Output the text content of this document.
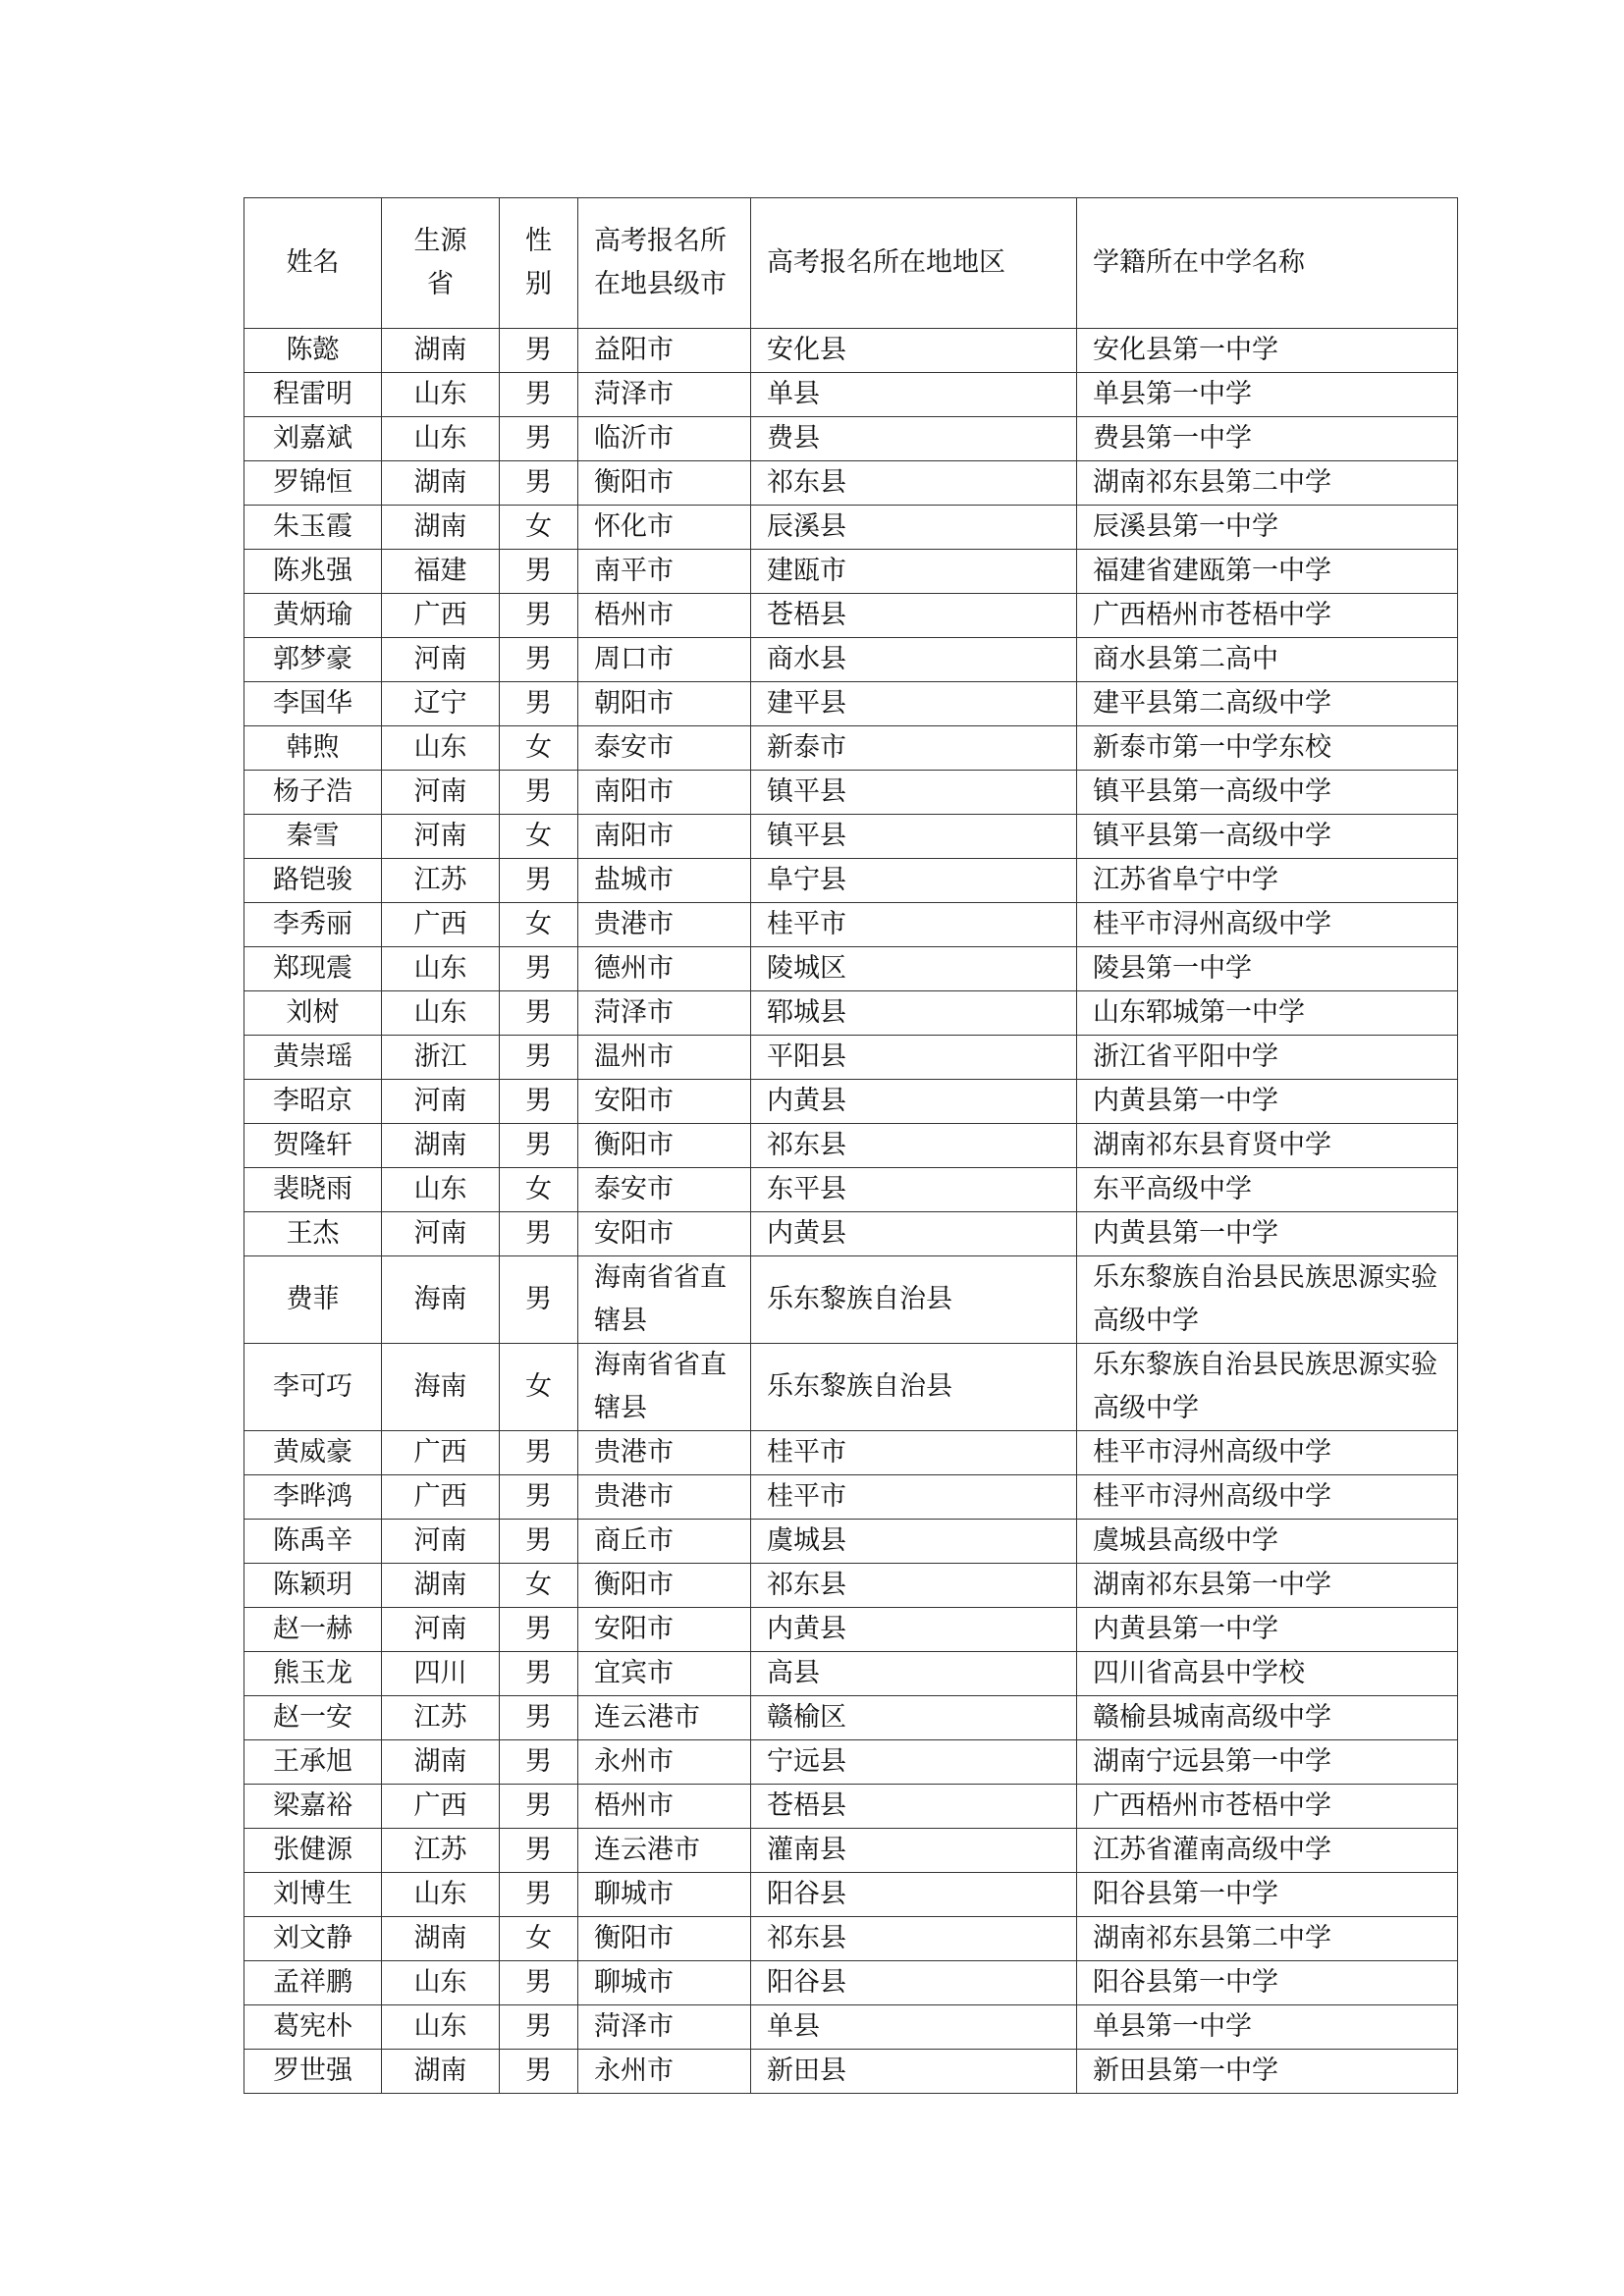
姓名	生源省	性别	高考报名所在地县级市	高考报名所在地地区	学籍所在中学名称
陈懿	湖南	男	益阳市	安化县	安化县第一中学
程雷明	山东	男	菏泽市	单县	单县第一中学
刘嘉斌	山东	男	临沂市	费县	费县第一中学
罗锦恒	湖南	男	衡阳市	祁东县	湖南祁东县第二中学
朱玉霞	湖南	女	怀化市	辰溪县	辰溪县第一中学
陈兆强	福建	男	南平市	建瓯市	福建省建瓯第一中学
黄炳瑜	广西	男	梧州市	苍梧县	广西梧州市苍梧中学
郭梦豪	河南	男	周口市	商水县	商水县第二高中
李国华	辽宁	男	朝阳市	建平县	建平县第二高级中学
韩煦	山东	女	泰安市	新泰市	新泰市第一中学东校
杨子浩	河南	男	南阳市	镇平县	镇平县第一高级中学
秦雪	河南	女	南阳市	镇平县	镇平县第一高级中学
路铠骏	江苏	男	盐城市	阜宁县	江苏省阜宁中学
李秀丽	广西	女	贵港市	桂平市	桂平市浔州高级中学
郑现震	山东	男	德州市	陵城区	陵县第一中学
刘树	山东	男	菏泽市	郓城县	山东郓城第一中学
黄崇瑶	浙江	男	温州市	平阳县	浙江省平阳中学
李昭京	河南	男	安阳市	内黄县	内黄县第一中学
贺隆轩	湖南	男	衡阳市	祁东县	湖南祁东县育贤中学
裴晓雨	山东	女	泰安市	东平县	东平高级中学
王杰	河南	男	安阳市	内黄县	内黄县第一中学
费菲	海南	男	海南省省直辖县	乐东黎族自治县	乐东黎族自治县民族思源实验高级中学
李可巧	海南	女	海南省省直辖县	乐东黎族自治县	乐东黎族自治县民族思源实验高级中学
黄威豪	广西	男	贵港市	桂平市	桂平市浔州高级中学
李晔鸿	广西	男	贵港市	桂平市	桂平市浔州高级中学
陈禹辛	河南	男	商丘市	虞城县	虞城县高级中学
陈颖玥	湖南	女	衡阳市	祁东县	湖南祁东县第一中学
赵一赫	河南	男	安阳市	内黄县	内黄县第一中学
熊玉龙	四川	男	宜宾市	高县	四川省高县中学校
赵一安	江苏	男	连云港市	赣榆区	赣榆县城南高级中学
王承旭	湖南	男	永州市	宁远县	湖南宁远县第一中学
梁嘉裕	广西	男	梧州市	苍梧县	广西梧州市苍梧中学
张健源	江苏	男	连云港市	灌南县	江苏省灌南高级中学
刘博生	山东	男	聊城市	阳谷县	阳谷县第一中学
刘文静	湖南	女	衡阳市	祁东县	湖南祁东县第二中学
孟祥鹏	山东	男	聊城市	阳谷县	阳谷县第一中学
葛宪朴	山东	男	菏泽市	单县	单县第一中学
罗世强	湖南	男	永州市	新田县	新田县第一中学
